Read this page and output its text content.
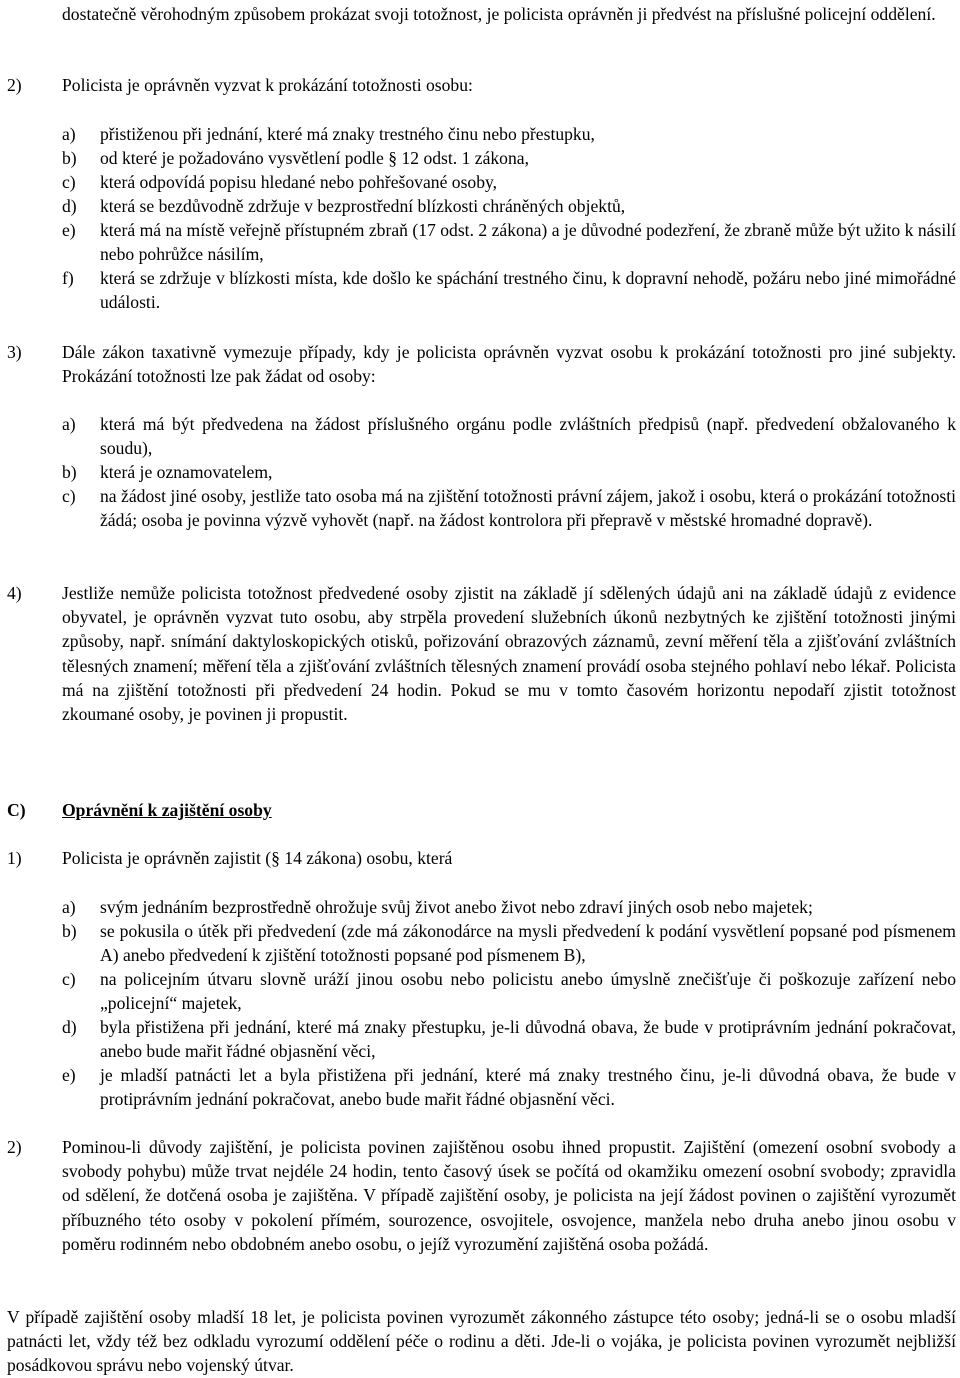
dostatečně věrohodným způsobem prokázat svoji totožnost, je policista oprávněn ji předvést na příslušné policejní oddělení.
2) Policista je oprávněn vyzvat k prokázání totožnosti osobu:
a) přistiženou při jednání, které má znaky trestného činu nebo přestupku,
b) od které je požadováno vysvětlení podle § 12 odst. 1 zákona,
c) která odpovídá popisu hledané nebo pohřešované osoby,
d) která se bezdůvodně zdržuje v bezprostřední blízkosti chráněných objektů,
e) která má na místě veřejně přístupném zbraň (17 odst. 2 zákona) a je důvodné podezření, že zbraně může být užito k násilí nebo pohrůžce násilím,
f) která se zdržuje v blízkosti místa, kde došlo ke spáchání trestného činu, k dopravní nehodě, požáru nebo jiné mimořádné události.
3) Dále zákon taxativně vymezuje případy, kdy je policista oprávněn vyzvat osobu k prokázání totožnosti pro jiné subjekty. Prokázání totožnosti lze pak žádat od osoby:
a) která má být předvedena na žádost příslušného orgánu podle zvláštních předpisů (např. předvedení obžalovaného k soudu),
b) která je oznamovatelem,
c) na žádost jiné osoby, jestliže tato osoba má na zjištění totožnosti právní zájem, jakož i osobu, která o prokázání totožnosti žádá; osoba je povinna výzvě vyhovět (např. na žádost kontrolora při přepravě v městské hromadné dopravě).
4) Jestliže nemůže policista totožnost předvedené osoby zjistit na základě jí sdělených údajů ani na základě údajů z evidence obyvatel, je oprávněn vyzvat tuto osobu, aby strpěla provedení služebních úkonů nezbytných ke zjištění totožnosti jinými způsoby, např. snímání daktyloskopických otisků, pořizování obrazových záznamů, zevní měření těla a zjišťování zvláštních tělesných znamení; měření těla a zjišťování zvláštních tělesných znamení provádí osoba stejného pohlaví nebo lékař. Policista má na zjištění totožnosti při předvedení 24 hodin. Pokud se mu v tomto časovém horizontu nepodaří zjistit totožnost zkoumané osoby, je povinen ji propustit.
C) Oprávnění k zajištění osoby
1) Policista je oprávněn zajistit (§ 14 zákona) osobu, která
a) svým jednáním bezprostředně ohrožuje svůj život anebo život nebo zdraví jiných osob nebo majetek;
b) se pokusila o útěk při předvedení (zde má zákonodárce na mysli předvedení k podání vysvětlení popsané pod písmenem A) anebo předvedení k zjištění totožnosti popsané pod písmenem B),
c) na policejním útvaru slovně uráží jinou osobu nebo policistu anebo úmyslně znečišťuje či poškozuje zařízení nebo „policejní“ majetek,
d) byla přistižena při jednání, které má znaky přestupku, je-li důvodná obava, že bude v protiprávním jednání pokračovat, anebo bude mařit řádné objasnění věci,
e) je mladší patnácti let a byla přistižena při jednání, které má znaky trestného činu, je-li důvodná obava, že bude v protiprávním jednání pokračovat, anebo bude mařit řádné objasnění věci.
2) Pominou-li důvody zajištění, je policista povinen zajištěnou osobu ihned propustit. Zajištění (omezení osobní svobody a svobody pohybu) může trvat nejdéle 24 hodin, tento časový úsek se počítá od okamžiku omezení osobní svobody; zpravidla od sdělení, že dotčená osoba je zajištěna. V případě zajištění osoby, je policista na její žádost povinen o zajištění vyrozumět příbuzného této osoby v pokolení přímém, sourozence, osvojitele, osvojence, manžela nebo druha anebo jinou osobu v poměru rodinném nebo obdobném anebo osobu, o jejíž vyrozumění zajištěná osoba požádá.
V případě zajištění osoby mladší 18 let, je policista povinen vyrozumět zákonného zástupce této osoby; jedná-li se o osobu mladší patnácti let, vždy též bez odkladu vyrozumí oddělení péče o rodinu a děti. Jde-li o vojáka, je policista povinen vyrozumět nejbližší posádkovou správu nebo vojenský útvar.
